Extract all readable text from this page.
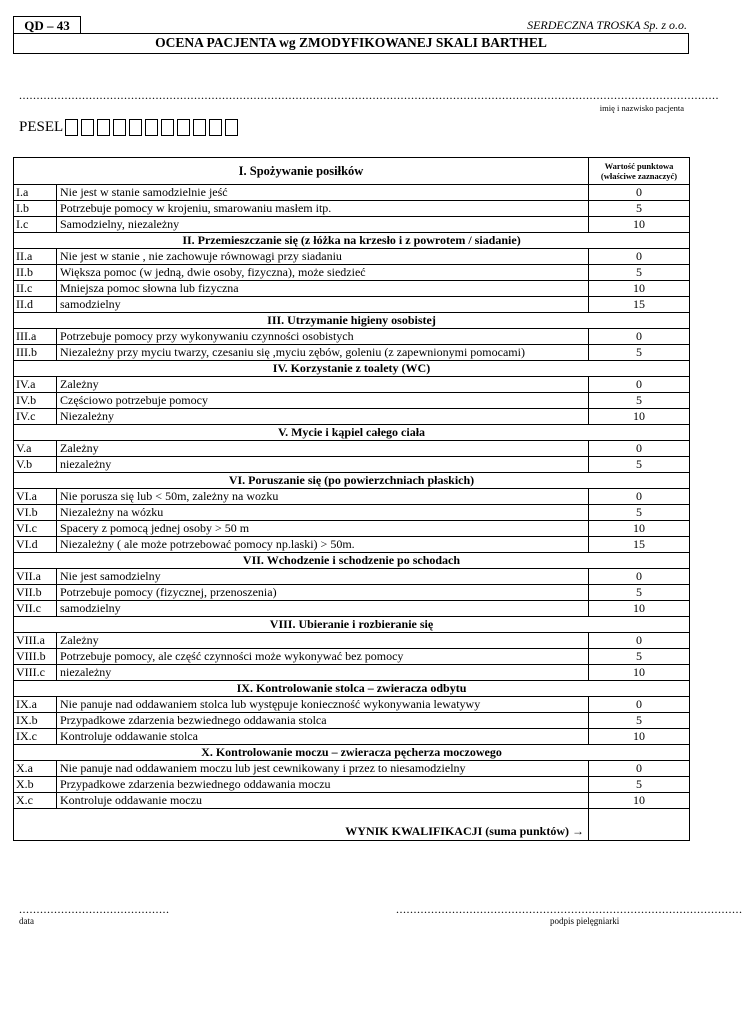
QD – 43	SERDECZNA TROSKA Sp. z o.o.
OCENA PACJENTA wg ZMODYFIKOWANEJ SKALI BARTHEL
........................................................................................................................................................................................................
imię i nazwisko pacjenta
PESEL
I. Spożywanie posiłków		Wartość punktowa
(właściwe zaznaczyć)

I.a	Nie jest w stanie samodzielnie jeść	0
I.b	Potrzebuje pomocy w krojeniu, smarowaniu masłem itp.	5
I.c	Samodzielny, niezależny	10
II. Przemieszczanie się (z łóżka na krzesło i z powrotem / siadanie)		
II.a	Nie jest w stanie , nie zachowuje równowagi przy siadaniu	0
II.b	Większa pomoc (w jedną, dwie osoby, fizyczna), może siedzieć	5
II.c	Mniejsza pomoc słowna lub fizyczna	10
II.d	samodzielny	15
III. Utrzymanie higieny osobistej		
III.a	Potrzebuje pomocy przy wykonywaniu czynności osobistych	0
III.b	Niezależny przy myciu twarzy, czesaniu się ,myciu zębów, goleniu (z zapewnionymi pomocami)	5
IV. Korzystanie z toalety (WC)		
IV.a	Zależny	0
IV.b	Częściowo potrzebuje pomocy	5
IV.c	Niezależny	10
V. Mycie i kąpiel całego ciała		
V.a	Zależny	0
V.b	niezależny	5
VI. Poruszanie się (po powierzchniach płaskich)		
VI.a	Nie porusza się lub < 50m, zależny na wozku	0
VI.b	Niezależny na wózku	5
VI.c	Spacery z pomocą jednej osoby > 50 m	10
VI.d	Niezależny ( ale może potrzebować pomocy np.laski) > 50m.	15
VII. Wchodzenie i schodzenie po schodach		
VII.a	Nie jest samodzielny	0
VII.b	Potrzebuje pomocy (fizycznej, przenoszenia)	5
VII.c	samodzielny	10
VIII. Ubieranie i rozbieranie się		
VIII.a	Zależny	0
VIII.b	Potrzebuje pomocy, ale część czynności może wykonywać bez pomocy	5
VIII.c	niezależny	10
IX. Kontrolowanie stolca – zwieracza odbytu		
IX.a	Nie panuje nad oddawaniem stolca lub występuje konieczność wykonywania lewatywy	0
IX.b	Przypadkowe zdarzenia bezwiednego oddawania stolca	5
IX.c	Kontroluje oddawanie stolca	10
X. Kontrolowanie moczu – zwieracza pęcherza moczowego		
X.a	Nie panuje nad oddawaniem moczu lub jest cewnikowany i przez to niesamodzielny	0
X.b	Przypadkowe zdarzenia bezwiednego oddawania moczu	5
X.c	Kontroluje oddawanie moczu	10
WYNIK KWALIFIKACJI (suma punktów) →		
...........................................
data
...................................................................................................
podpis pielęgniarki
